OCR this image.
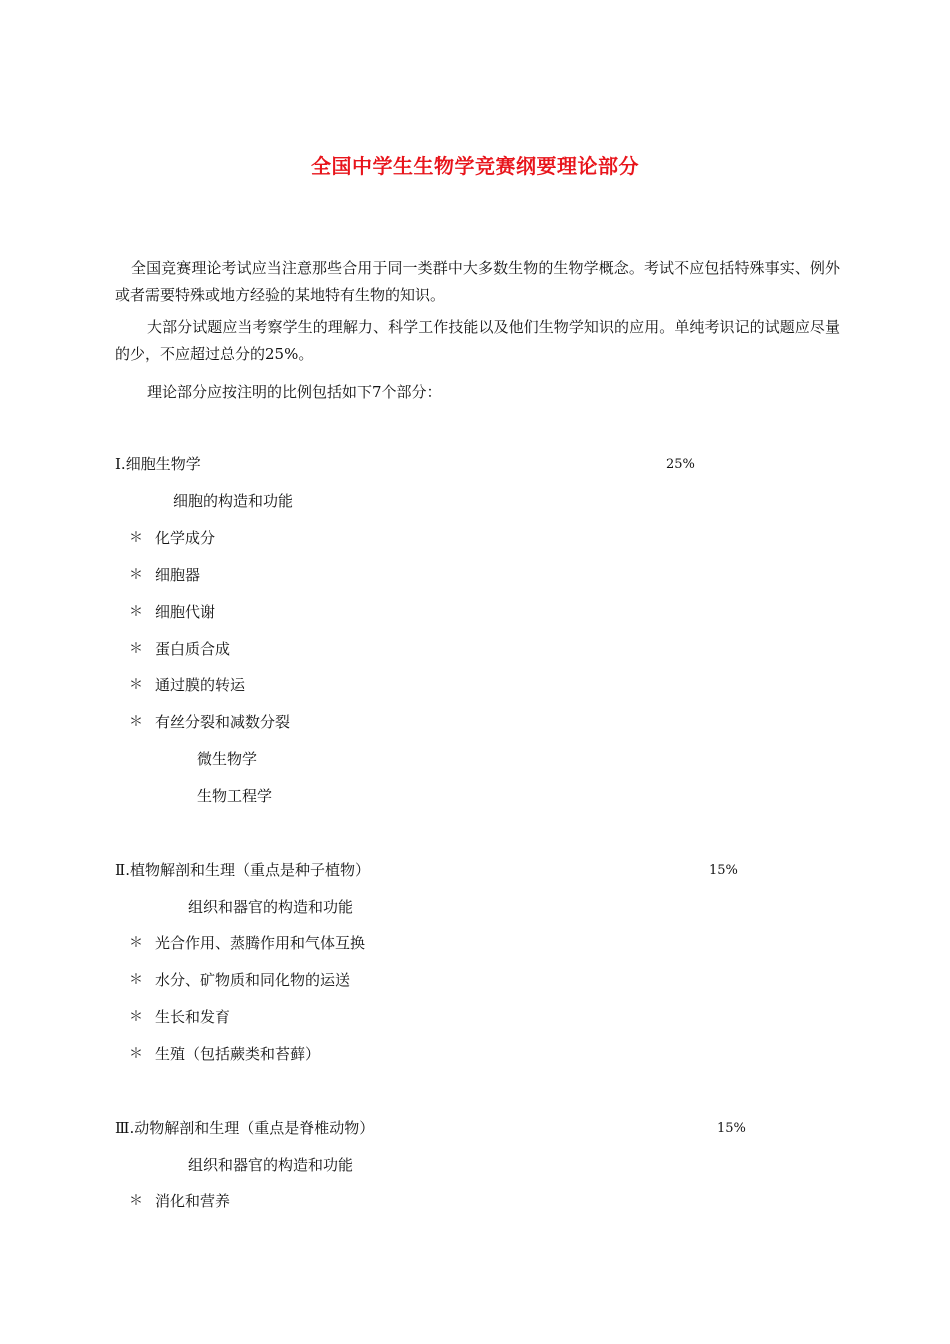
全国中学生生物学竞赛纲要理论部分

全国竞赛理论考试应当注意那些合用于同一类群中大多数生物的生物学概念。考试不应包括特殊事实、例外或者需要特殊或地方经验的某地特有生物的知识。

大部分试题应当考察学生的理解力、科学工作技能以及他们生物学知识的应用。单纯考识记的试题应尽量的少，不应超过总分的25%。

理论部分应按注明的比例包括如下7个部分：

Ⅰ.细胞生物学	25%
细胞的构造和功能
＊ 化学成分
＊ 细胞器
＊ 细胞代谢
＊ 蛋白质合成
＊ 通过膜的转运
＊ 有丝分裂和减数分裂
微生物学
生物工程学
Ⅱ.植物解剖和生理（重点是种子植物）	15%
组织和器官的构造和功能
＊ 光合作用、蒸腾作用和气体互换
＊ 水分、矿物质和同化物的运送
＊ 生长和发育
＊ 生殖（包括蕨类和苔藓）
Ⅲ.动物解剖和生理（重点是脊椎动物）	15%
组织和器官的构造和功能
＊ 消化和营养
